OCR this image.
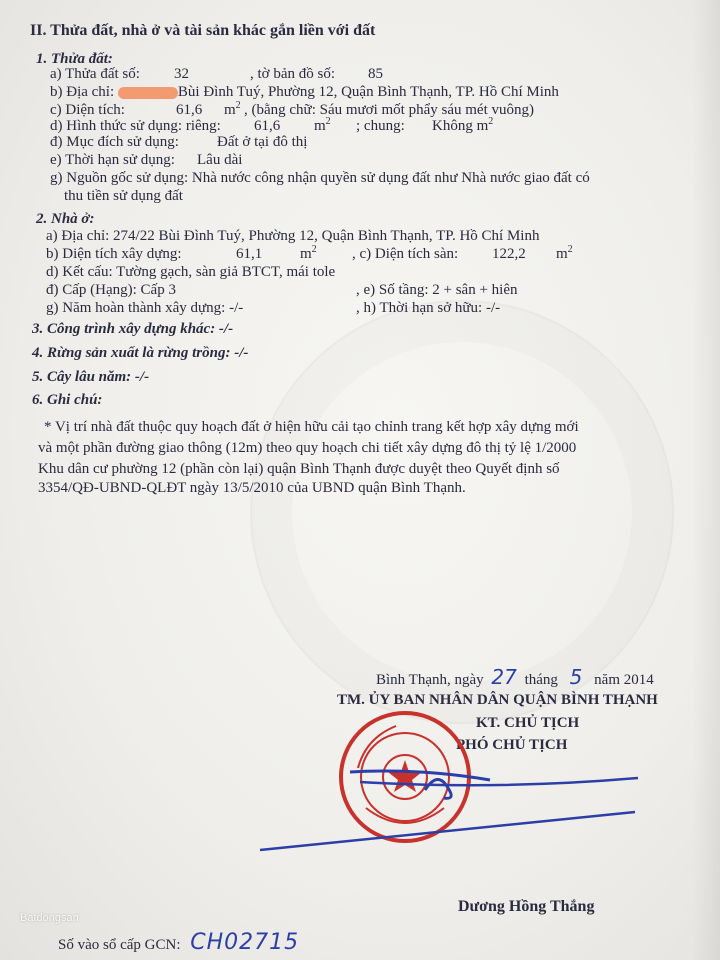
II. Thửa đất, nhà ở và tài sản khác gắn liền với đất
1. Thửa đất:
a) Thửa đất số: 32	, tờ bản đồ số: 85
b) Địa chỉ:	Bùi Đình Tuý, Phường 12, Quận Bình Thạnh, TP. Hồ Chí Minh
c) Diện tích:	61,6 $m^2$ , (bằng chữ: Sáu mươi mốt phẩy sáu mét vuông)
d) Hình thức sử dụng: riêng: 61,6 $m^2$ ; chung: Không $m^2$
đ) Mục đích sử dụng:	Đất ở tại đô thị
e) Thời hạn sử dụng: Lâu dài
g) Nguồn gốc sử dụng: Nhà nước công nhận quyền sử dụng đất như Nhà nước giao đất có
thu tiền sử dụng đất
2. Nhà ở:
a) Địa chỉ: 274/22 Bùi Đình Tuý, Phường 12, Quận Bình Thạnh, TP. Hồ Chí Minh
b) Diện tích xây dựng:	61,1	$m^2$ , c) Diện tích sàn: 122,2 $m^2$
d) Kết cấu: Tường gạch, sàn giả BTCT, mái tole
đ) Cấp (Hạng): Cấp 3	, e) Số tầng: 2 + sân + hiên
g) Năm hoàn thành xây dựng: -/-	, h) Thời hạn sở hữu: -/-
3. Công trình xây dựng khác: -/-
4. Rừng sản xuất là rừng trồng: -/-
5. Cây lâu năm: -/-
6. Ghi chú:
* Vị trí nhà đất thuộc quy hoạch đất ở hiện hữu cải tạo chỉnh trang kết hợp xây dựng mới
và một phần đường giao thông (12m) theo quy hoạch chi tiết xây dựng đô thị tỷ lệ 1/2000
Khu dân cư phường 12 (phần còn lại) quận Bình Thạnh được duyệt theo Quyết định số
3354/QĐ-UBND-QLĐT ngày 13/5/2010 của UBND quận Bình Thạnh.
Bình Thạnh, ngày 27 tháng 5 năm 2014
TM. ỦY BAN NHÂN DÂN QUẬN BÌNH THẠNH
KT. CHỦ TỊCH
PHÓ CHỦ TỊCH
Dương Hồng Thắng
Số vào sổ cấp GCN: CH02715
Batdongsan
